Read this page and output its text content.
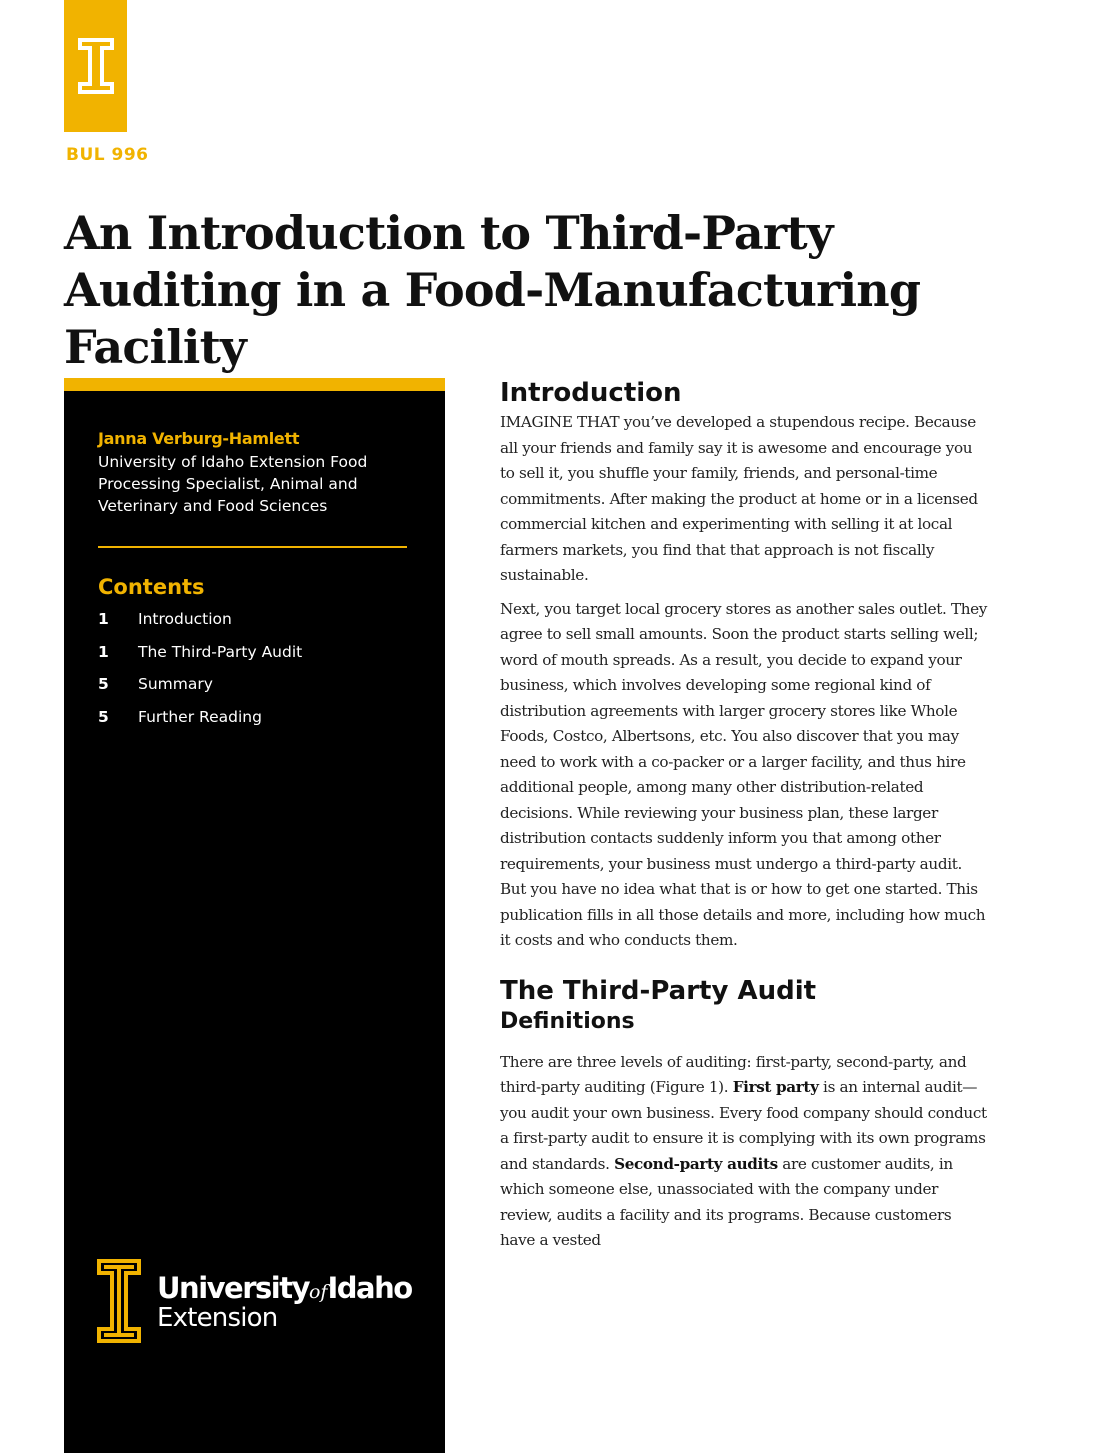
BUL 996
An Introduction to Third-Party Auditing in a Food-Manufacturing Facility
Janna Verburg-Hamlett
University of Idaho Extension Food
Processing Specialist, Animal and
Veterinary and Food Sciences
Contents
1	Introduction
1	The Third-Party Audit
5	Summary
5	Further Reading
UniversityofIdaho
Extension
Introduction

IMAGINE THAT you’ve developed a stupendous recipe. Because all your friends and family say it is awesome and encourage you to sell it, you shuffle your family, friends, and personal-time commitments. After making the product at home or in a licensed commercial kitchen and experimenting with selling it at local farmers markets, you find that that approach is not fiscally sustainable.

Next, you target local grocery stores as another sales outlet. They agree to sell small amounts. Soon the product starts selling well; word of mouth spreads. As a result, you decide to expand your business, which involves developing some regional kind of distribution agreements with larger grocery stores like Whole Foods, Costco, Albertsons, etc. You also discover that you may need to work with a co-packer or a larger facility, and thus hire additional people, among many other distribution-related decisions. While reviewing your business plan, these larger distribution contacts suddenly inform you that among other requirements, your business must undergo a third-party audit. But you have no idea what that is or how to get one started. This publication fills in all those details and more, including how much it costs and who conducts them.

The Third-Party Audit
Definitions

There are three levels of auditing: first-party, second-party, and third-party auditing (Figure 1). First party is an internal audit—you audit your own business. Every food company should conduct a first-party audit to ensure it is complying with its own programs and standards. Second-party audits are customer audits, in which someone else, unassociated with the company under review, audits a facility and its programs. Because customers have a vested
